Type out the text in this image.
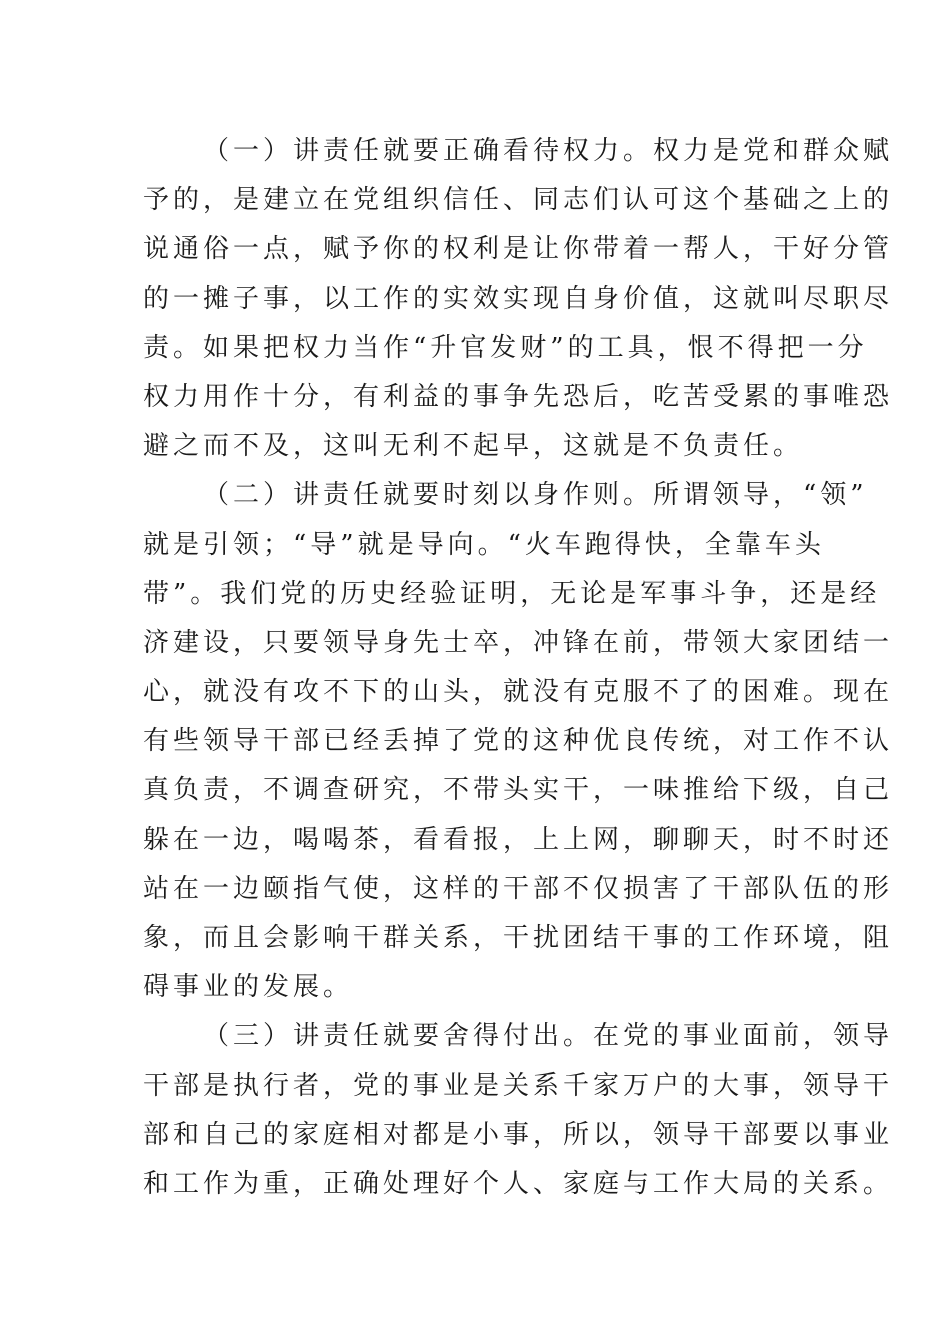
（一）讲责任就要正确看待权力。权力是党和群众赋
予的，是建立在党组织信任、同志们认可这个基础之上的
说通俗一点，赋予你的权利是让你带着一帮人，干好分管
的一摊子事，以工作的实效实现自身价值，这就叫尽职尽
责。如果把权力当作“升官发财”的工具，恨不得把一分
权力用作十分，有利益的事争先恐后，吃苦受累的事唯恐
避之而不及，这叫无利不起早，这就是不负责任。

（二）讲责任就要时刻以身作则。所谓领导，“领”
就是引领；“导”就是导向。“火车跑得快，全靠车头
带”。我们党的历史经验证明，无论是军事斗争，还是经
济建设，只要领导身先士卒，冲锋在前，带领大家团结一
心，就没有攻不下的山头，就没有克服不了的困难。现在
有些领导干部已经丢掉了党的这种优良传统，对工作不认
真负责，不调查研究，不带头实干，一味推给下级，自己
躲在一边，喝喝茶，看看报，上上网，聊聊天，时不时还
站在一边颐指气使，这样的干部不仅损害了干部队伍的形
象，而且会影响干群关系，干扰团结干事的工作环境，阻
碍事业的发展。

（三）讲责任就要舍得付出。在党的事业面前，领导
干部是执行者，党的事业是关系千家万户的大事，领导干
部和自己的家庭相对都是小事，所以，领导干部要以事业
和工作为重，正确处理好个人、家庭与工作大局的关系。
